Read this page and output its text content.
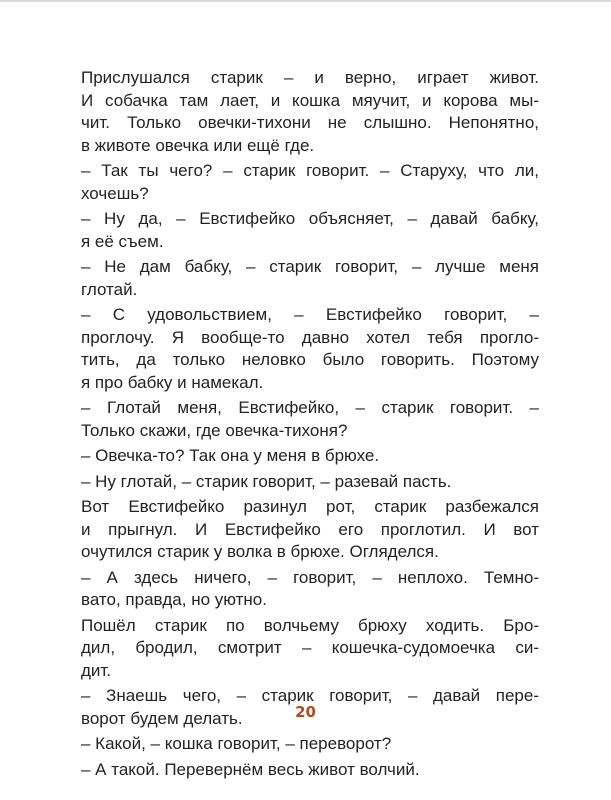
Прислушался старик – и верно, играет живот.
И собачка там лает, и кошка мяучит, и корова мы-
чит. Только овечки-тихони не слышно. Непонятно,
в животе овечка или ещё где.
– Так ты чего? – старик говорит. – Старуху, что ли,
хочешь?
– Ну да, – Евстифейко объясняет, – давай бабку,
я её съем.
– Не дам бабку, – старик говорит, – лучше меня
глотай.
– С удовольствием, – Евстифейко говорит, –
проглочу. Я вообще-то давно хотел тебя прогло-
тить, да только неловко было говорить. Поэтому
я про бабку и намекал.
– Глотай меня, Евстифейко, – старик говорит. –
Только скажи, где овечка-тихоня?
– Овечка-то? Так она у меня в брюхе.
– Ну глотай, – старик говорит, – разевай пасть.
Вот Евстифейко разинул рот, старик разбежался
и прыгнул. И Евстифейко его проглотил. И вот
очутился старик у волка в брюхе. Огляделся.
– А здесь ничего, – говорит, – неплохо. Темно-
вато, правда, но уютно.
Пошёл старик по волчьему брюху ходить. Бро-
дил, бродил, смотрит – кошечка-судомоечка си-
дит.
– Знаешь чего, – старик говорит, – давай пере-
ворот будем делать.
– Какой, – кошка говорит, – переворот?
– А такой. Перевернём весь живот волчий.
20
